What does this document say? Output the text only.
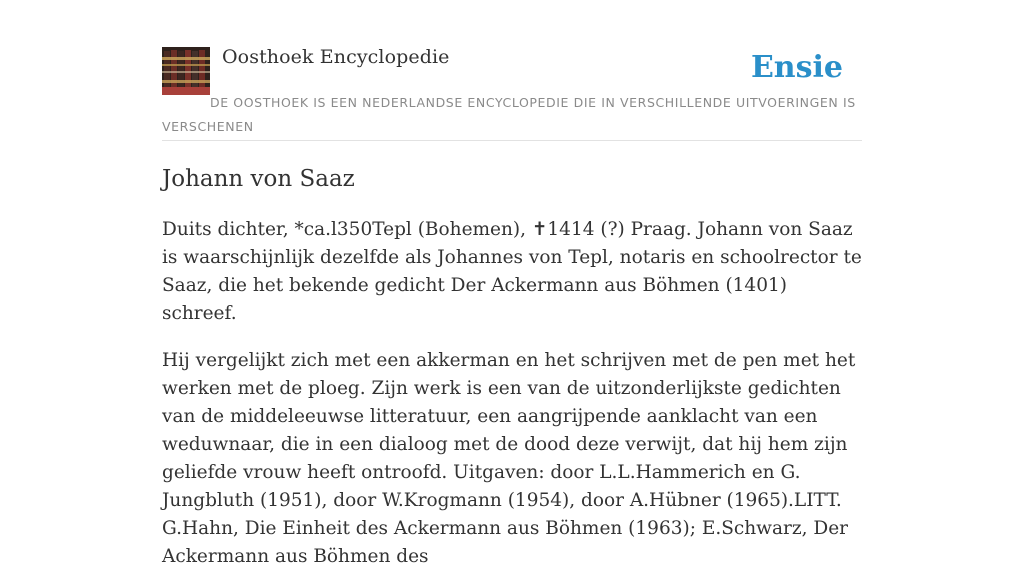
Oosthoek Encyclopedie	Ensie
DE OOSTHOEK IS EEN NEDERLANDSE ENCYCLOPEDIE DIE IN VERSCHILLENDE UITVOERINGEN IS VERSCHENEN
Johann von Saaz

Duits dichter, *ca.l350Tepl (Bohemen), ✝1414 (?) Praag. Johann von Saaz is waarschijnlijk dezelfde als Johannes von Tepl, notaris en schoolrector te Saaz, die het bekende gedicht Der Ackermann aus Böhmen (1401) schreef.

Hij vergelijkt zich met een akkerman en het schrijven met de pen met het werken met de ploeg. Zijn werk is een van de uitzonderlijkste gedichten van de middeleeuwse litteratuur, een aangrijpende aanklacht van een weduwnaar, die in een dialoog met de dood deze verwijt, dat hij hem zijn geliefde vrouw heeft ontroofd. Uitgaven: door L.L.Hammerich en G. Jungbluth (1951), door W.Krogmann (1954), door A.Hübner (1965).LITT. G.Hahn, Die Einheit des Ackermann aus Böhmen (1963); E.Schwarz, Der Ackermann aus Böhmen des
